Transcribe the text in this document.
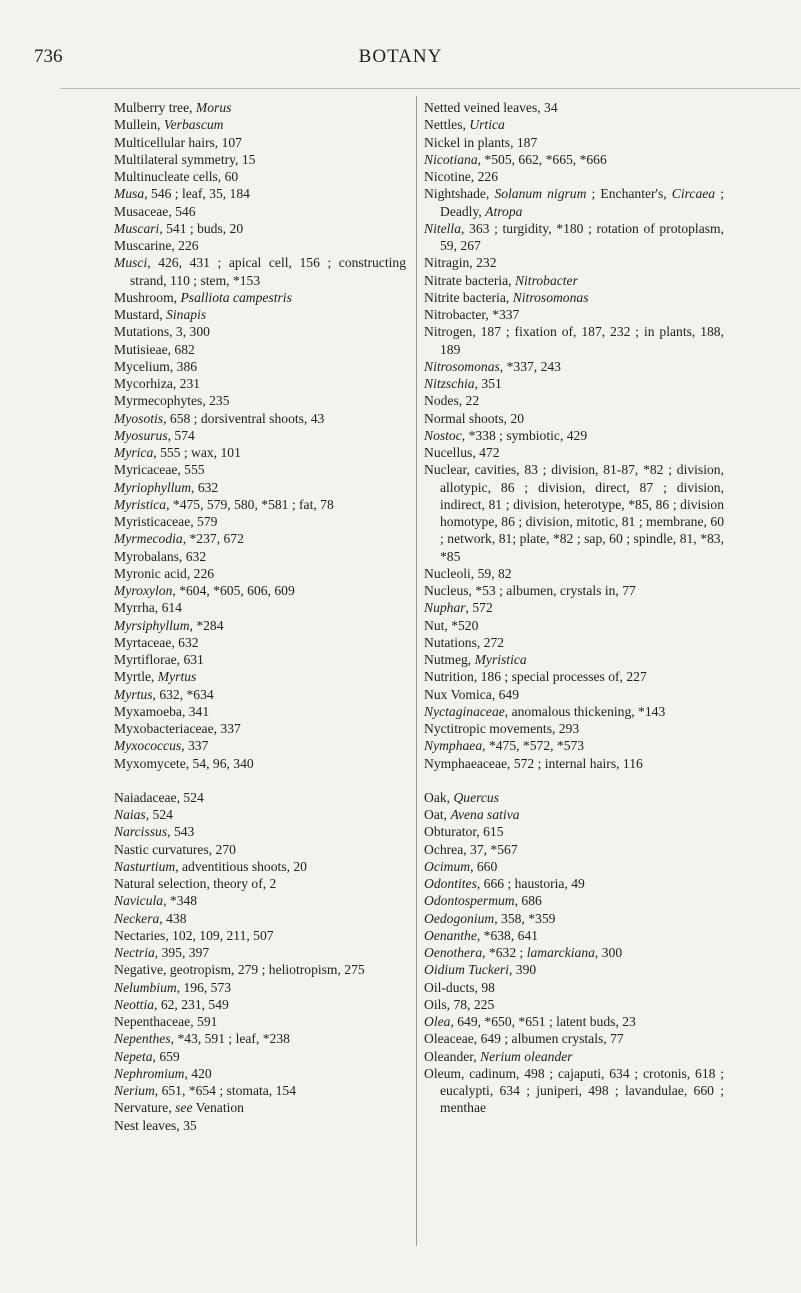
736	BOTANY

Mulberry tree, Morus

Mullein, Verbascum

Multicellular hairs, 107

Multilateral symmetry, 15

Multinucleate cells, 60

Musa, 546 ; leaf, 35, 184

Musaceae, 546

Muscari, 541 ; buds, 20

Muscarine, 226

Musci, 426, 431 ; apical cell, 156 ; constructing strand, 110 ; stem, *153

Mushroom, Psalliota campestris

Mustard, Sinapis

Mutations, 3, 300

Mutisieae, 682

Mycelium, 386

Mycorhiza, 231

Myrmecophytes, 235

Myosotis, 658 ; dorsiventral shoots, 43

Myosurus, 574

Myrica, 555 ; wax, 101

Myricaceae, 555

Myriophyllum, 632

Myristica, *475, 579, 580, *581 ; fat, 78

Myristicaceae, 579

Myrmecodia, *237, 672

Myrobalans, 632

Myronic acid, 226

Myroxylon, *604, *605, 606, 609

Myrrha, 614

Myrsiphyllum, *284

Myrtaceae, 632

Myrtiflorae, 631

Myrtle, Myrtus

Myrtus, 632, *634

Myxamoeba, 341

Myxobacteriaceae, 337

Myxococcus, 337

Myxomycete, 54, 96, 340

Naiadaceae, 524

Naias, 524

Narcissus, 543

Nastic curvatures, 270

Nasturtium, adventitious shoots, 20

Natural selection, theory of, 2

Navicula, *348

Neckera, 438

Nectaries, 102, 109, 211, 507

Nectria, 395, 397

Negative, geotropism, 279 ; heliotropism, 275

Nelumbium, 196, 573

Neottia, 62, 231, 549

Nepenthaceae, 591

Nepenthes, *43, 591 ; leaf, *238

Nepeta, 659

Nephromium, 420

Nerium, 651, *654 ; stomata, 154

Nervature, see Venation

Nest leaves, 35

Netted veined leaves, 34

Nettles, Urtica

Nickel in plants, 187

Nicotiana, *505, 662, *665, *666

Nicotine, 226

Nightshade, Solanum nigrum ; Enchanter's, Circaea ; Deadly, Atropa

Nitella, 363 ; turgidity, *180 ; rotation of protoplasm, 59, 267

Nitragin, 232

Nitrate bacteria, Nitrobacter

Nitrite bacteria, Nitrosomonas

Nitrobacter, *337

Nitrogen, 187 ; fixation of, 187, 232 ; in plants, 188, 189

Nitrosomonas, *337, 243

Nitzschia, 351

Nodes, 22

Normal shoots, 20

Nostoc, *338 ; symbiotic, 429

Nucellus, 472

Nuclear, cavities, 83 ; division, 81-87, *82 ; division, allotypic, 86 ; division, direct, 87 ; division, indirect, 81 ; division, heterotype, *85, 86 ; division homotype, 86 ; division, mitotic, 81 ; membrane, 60 ; network, 81; plate, *82 ; sap, 60 ; spindle, 81, *83, *85

Nucleoli, 59, 82

Nucleus, *53 ; albumen, crystals in, 77

Nuphar, 572

Nut, *520

Nutations, 272

Nutmeg, Myristica

Nutrition, 186 ; special processes of, 227

Nux Vomica, 649

Nyctaginaceae, anomalous thickening, *143

Nyctitropic movements, 293

Nymphaea, *475, *572, *573

Nymphaeaceae, 572 ; internal hairs, 116

Oak, Quercus

Oat, Avena sativa

Obturator, 615

Ochrea, 37, *567

Ocimum, 660

Odontites, 666 ; haustoria, 49

Odontospermum, 686

Oedogonium, 358, *359

Oenanthe, *638, 641

Oenothera, *632 ; lamarckiana, 300

Oidium Tuckeri, 390

Oil-ducts, 98

Oils, 78, 225

Olea, 649, *650, *651 ; latent buds, 23

Oleaceae, 649 ; albumen crystals, 77

Oleander, Nerium oleander

Oleum, cadinum, 498 ; cajaputi, 634 ; crotonis, 618 ; eucalypti, 634 ; juniperi, 498 ; lavandulae, 660 ; menthae
